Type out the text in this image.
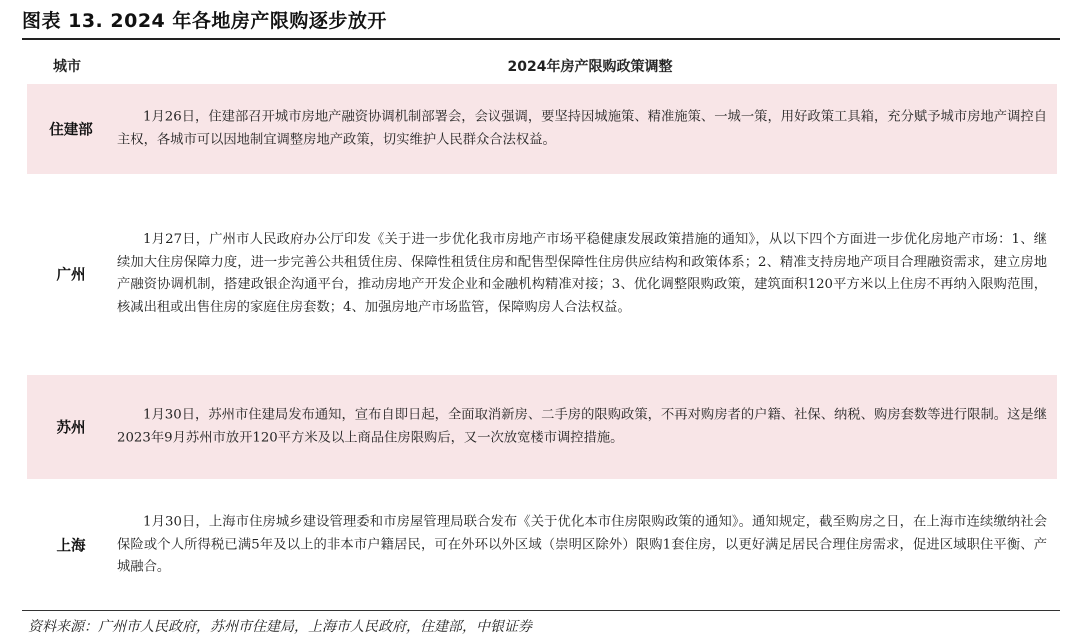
图表 13. 2024 年各地房产限购逐步放开
城市	2024年房产限购政策调整
住建部
1月26日，住建部召开城市房地产融资协调机制部署会，会议强调，要坚持因城施策、精准施策、一城一策，用好政策工具箱，充分赋予城市房地产调控自主权，各城市可以因地制宜调整房地产政策，切实维护人民群众合法权益。
广州
1月27日，广州市人民政府办公厅印发《关于进一步优化我市房地产市场平稳健康发展政策措施的通知》，从以下四个方面进一步优化房地产市场：1、继续加大住房保障力度，进一步完善公共租赁住房、保障性租赁住房和配售型保障性住房供应结构和政策体系；2、精准支持房地产项目合理融资需求，建立房地产融资协调机制，搭建政银企沟通平台，推动房地产开发企业和金融机构精准对接；3、优化调整限购政策，建筑面积120平方米以上住房不再纳入限购范围，核减出租或出售住房的家庭住房套数；4、加强房地产市场监管，保障购房人合法权益。
苏州
1月30日，苏州市住建局发布通知，宣布自即日起，全面取消新房、二手房的限购政策，不再对购房者的户籍、社保、纳税、购房套数等进行限制。这是继2023年9月苏州市放开120平方米及以上商品住房限购后，又一次放宽楼市调控措施。
上海
1月30日，上海市住房城乡建设管理委和市房屋管理局联合发布《关于优化本市住房限购政策的通知》。通知规定，截至购房之日，在上海市连续缴纳社会保险或个人所得税已满5年及以上的非本市户籍居民，可在外环以外区域（崇明区除外）限购1套住房，以更好满足居民合理住房需求，促进区域职住平衡、产城融合。
资料来源：广州市人民政府，苏州市住建局，上海市人民政府，住建部，中银证券
